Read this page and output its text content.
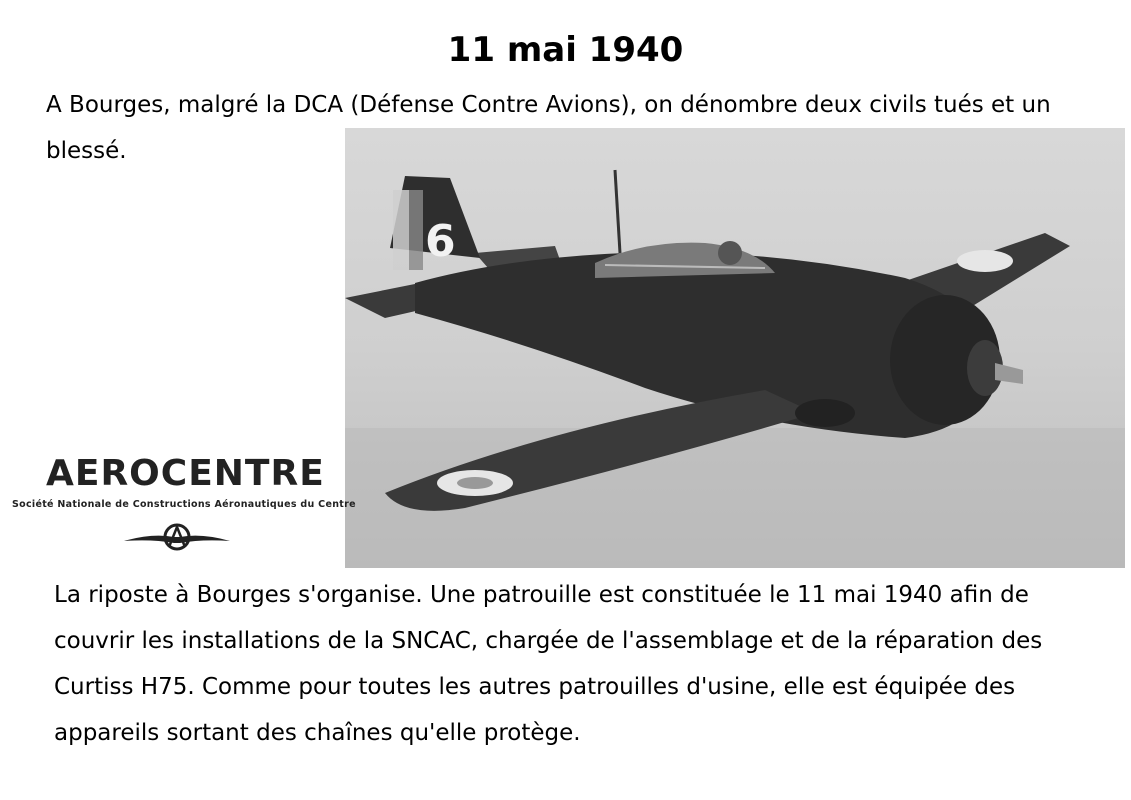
11 mai 1940

A Bourges, malgré la DCA (Défense Contre Avions), on dénombre deux civils tués et un blessé.

6
AEROCENTRE
Société Nationale de Constructions Aéronautiques du Centre

La riposte à Bourges s'organise. Une patrouille est constituée le 11 mai 1940 afin de couvrir les installations de la SNCAC, chargée de l'assemblage et de la réparation des Curtiss H75. Comme pour toutes les autres patrouilles d'usine, elle est équipée des appareils sortant des chaînes qu'elle protège.
